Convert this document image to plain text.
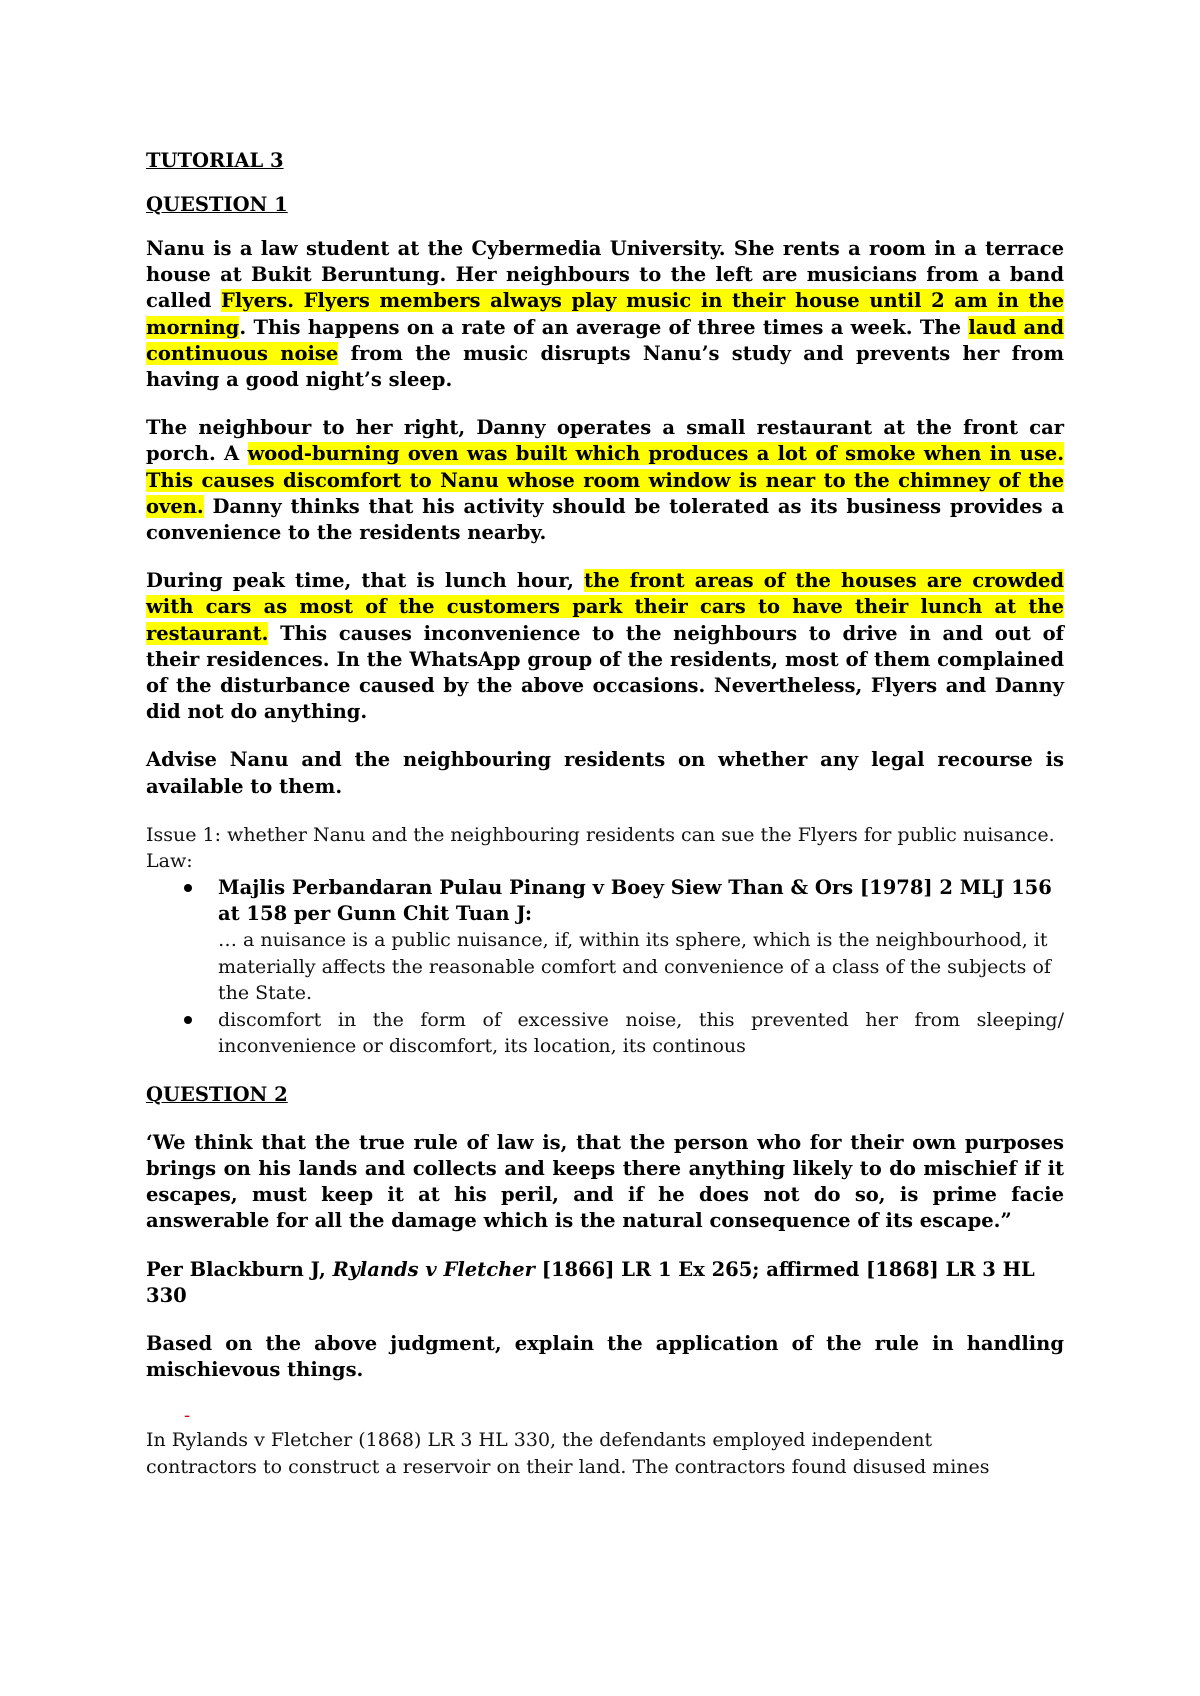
TUTORIAL 3

QUESTION 1

Nanu is a law student at the Cybermedia University. She rents a room in a terrace house at Bukit Beruntung. Her neighbours to the left are musicians from a band called Flyers. Flyers members always play music in their house until 2 am in the morning. This happens on a rate of an average of three times a week. The laud and continuous noise from the music disrupts Nanu’s study and prevents her from having a good night’s sleep.

The neighbour to her right, Danny operates a small restaurant at the front car porch. A wood-burning oven was built which produces a lot of smoke when in use. This causes discomfort to Nanu whose room window is near to the chimney of the oven. Danny thinks that his activity should be tolerated as its business provides a convenience to the residents nearby.

During peak time, that is lunch hour, the front areas of the houses are crowded with cars as most of the customers park their cars to have their lunch at the restaurant. This causes inconvenience to the neighbours to drive in and out of their residences. In the WhatsApp group of the residents, most of them complained of the disturbance caused by the above occasions. Nevertheless, Flyers and Danny did not do anything.

Advise Nanu and the neighbouring residents on whether any legal recourse is available to them.

Issue 1: whether Nanu and the neighbouring residents can sue the Flyers for public nuisance.

Law:

Majlis Perbandaran Pulau Pinang v Boey Siew Than & Ors [1978] 2 MLJ 156 at 158 per Gunn Chit Tuan J:

… a nuisance is a public nuisance, if, within its sphere, which is the neighbourhood, it materially affects the reasonable comfort and convenience of a class of the subjects of the State.

discomfort in the form of excessive noise, this prevented her from sleeping/ inconvenience or discomfort, its location, its continous

QUESTION 2

‘We think that the true rule of law is, that the person who for their own purposes brings on his lands and collects and keeps there anything likely to do mischief if it escapes, must keep it at his peril, and if he does not do so, is prime facie answerable for all the damage which is the natural consequence of its escape.”

Per Blackburn J, Rylands v Fletcher [1866] LR 1 Ex 265; affirmed [1868] LR 3 HL 330

Based on the above judgment, explain the application of the rule in handling mischievous things.

-

In Rylands v Fletcher (1868) LR 3 HL 330, the defendants employed independent

contractors to construct a reservoir on their land. The contractors found disused mines
